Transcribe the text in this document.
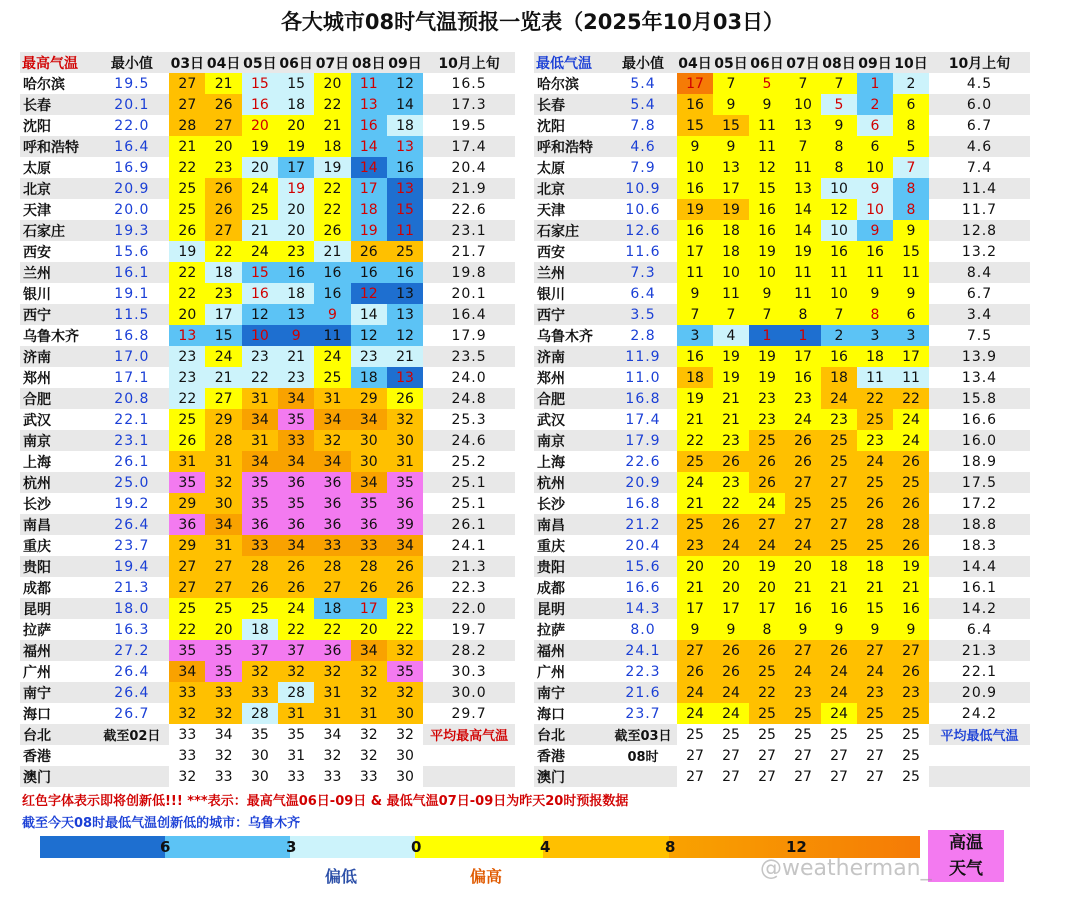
各大城市08时气温预报一览表（2025年10月03日）
最高气温	最小值	03日	04日	05日	06日	07日	08日	09日	10月上旬
哈尔滨	19.5	27	21	15	15	20	11	12	16.5
长春	20.1	27	26	16	18	22	13	14	17.3
沈阳	22.0	28	27	20	20	21	16	18	19.5
呼和浩特	16.4	21	20	19	19	18	14	13	17.4
太原	16.9	22	23	20	17	19	14	16	20.4
北京	20.9	25	26	24	19	22	17	13	21.9
天津	20.0	25	26	25	20	22	18	15	22.6
石家庄	19.3	26	27	21	20	26	19	11	23.1
西安	15.6	19	22	24	23	21	26	25	21.7
兰州	16.1	22	18	15	16	16	16	16	19.8
银川	19.1	22	23	16	18	16	12	13	20.1
西宁	11.5	20	17	12	13	9	14	13	16.4
乌鲁木齐	16.8	13	15	10	9	11	12	12	17.9
济南	17.0	23	24	23	21	24	23	21	23.5
郑州	17.1	23	21	22	23	25	18	13	24.0
合肥	20.8	22	27	31	34	31	29	26	24.8
武汉	22.1	25	29	34	35	34	34	32	25.3
南京	23.1	26	28	31	33	32	30	30	24.6
上海	26.1	31	31	34	34	34	30	31	25.2
杭州	25.0	35	32	35	36	36	34	35	25.1
长沙	19.2	29	30	35	35	36	35	36	25.1
南昌	26.4	36	34	36	36	36	36	39	26.1
重庆	23.7	29	31	33	34	33	33	34	24.1
贵阳	19.4	27	27	28	26	28	28	26	21.3
成都	21.3	27	27	26	26	27	26	26	22.3
昆明	18.0	25	25	25	24	18	17	23	22.0
拉萨	16.3	22	20	18	22	22	20	22	19.7
福州	27.2	35	35	37	37	36	34	32	28.2
广州	26.4	34	35	32	32	32	32	35	30.3
南宁	26.4	33	33	33	28	31	32	32	30.0
海口	26.7	32	32	28	31	31	31	30	29.7
台北	截至02日	33	34	35	35	34	32	32	平均最高气温
香港		33	32	30	31	32	32	30	
澳门		32	33	30	33	33	33	30	
最低气温	最小值	04日	05日	06日	07日	08日	09日	10日	10月上旬
哈尔滨	5.4	17	7	5	7	7	1	2	4.5
长春	5.4	16	9	9	10	5	2	6	6.0
沈阳	7.8	15	15	11	13	9	6	8	6.7
呼和浩特	4.6	9	9	11	7	8	6	5	4.6
太原	7.9	10	13	12	11	8	10	7	7.4
北京	10.9	16	17	15	13	10	9	8	11.4
天津	10.6	19	19	16	14	12	10	8	11.7
石家庄	12.6	16	18	16	14	10	9	9	12.8
西安	11.6	17	18	19	19	16	16	15	13.2
兰州	7.3	11	10	10	11	11	11	11	8.4
银川	6.4	9	11	9	11	10	9	9	6.7
西宁	3.5	7	7	7	8	7	8	6	3.4
乌鲁木齐	2.8	3	4	1	1	2	3	3	7.5
济南	11.9	16	19	19	17	16	18	17	13.9
郑州	11.0	18	19	19	16	18	11	11	13.4
合肥	16.8	19	21	23	23	24	22	22	15.8
武汉	17.4	21	21	23	24	23	25	24	16.6
南京	17.9	22	23	25	26	25	23	24	16.0
上海	22.6	25	26	26	26	25	24	26	18.9
杭州	20.9	24	23	26	27	27	25	25	17.5
长沙	16.8	21	22	24	25	25	26	26	17.2
南昌	21.2	25	26	27	27	27	28	28	18.8
重庆	20.4	23	24	24	24	25	25	26	18.3
贵阳	15.6	20	20	19	20	18	18	19	14.4
成都	16.6	21	20	20	21	21	21	21	16.1
昆明	14.3	17	17	17	16	16	15	16	14.2
拉萨	8.0	9	9	8	9	9	9	9	6.4
福州	24.1	27	26	26	27	26	27	27	21.3
广州	22.3	26	26	25	24	24	24	26	22.1
南宁	21.6	24	24	22	23	24	23	23	20.9
海口	23.7	24	24	25	25	24	25	25	24.2
台北	截至03日	25	25	25	25	25	25	25	平均最低气温
香港	08时	27	27	27	27	27	27	25	
澳门		27	27	27	27	27	27	25	
红色字体表示即将创新低!!! ***表示：最高气温06日-09日 & 最低气温07日-09日为昨天20时预报数据
截至今天08时最低气温创新低的城市：乌鲁木齐
6	3	0	4	8	12	高温
天气
偏低	偏高	@weatherman_
